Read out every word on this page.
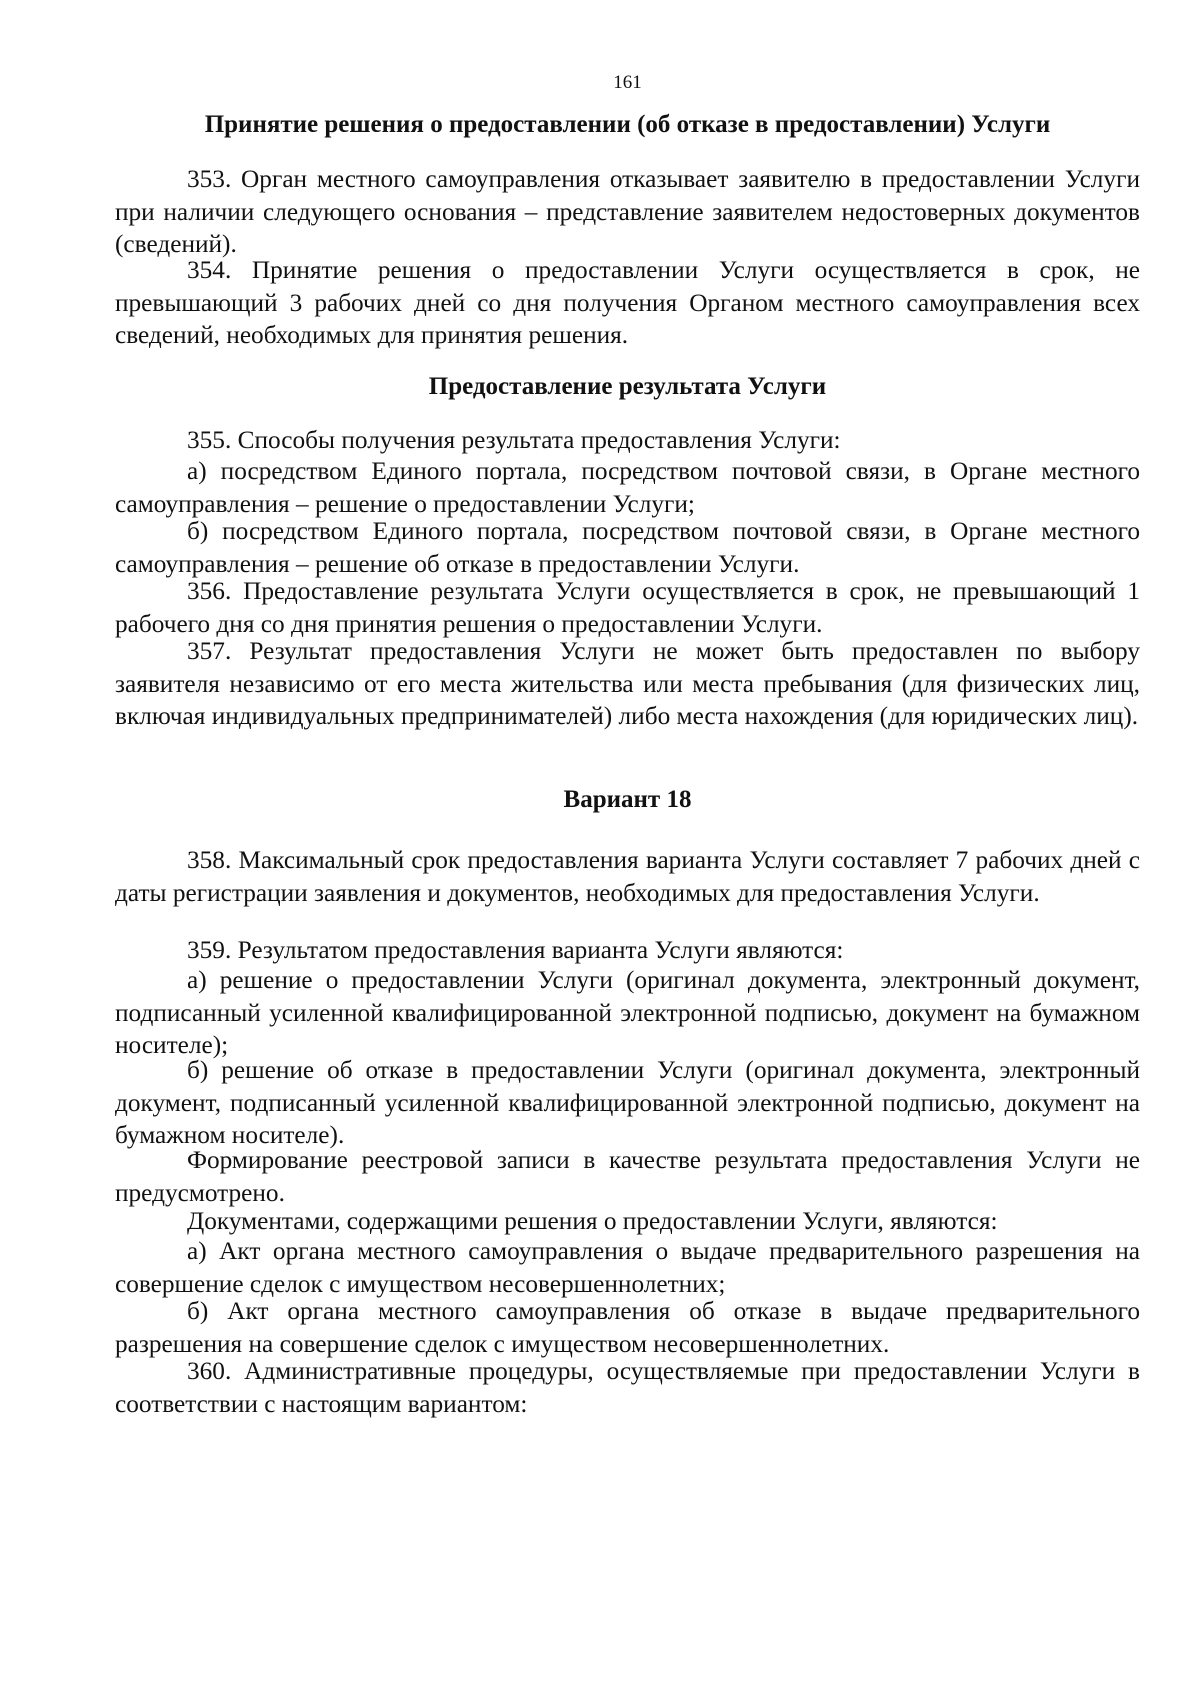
161
Принятие решения о предоставлении (об отказе в предоставлении) Услуги

353. Орган местного самоуправления отказывает заявителю в предоставлении Услуги при наличии следующего основания – представление заявителем недостоверных документов (сведений).

354. Принятие решения о предоставлении Услуги осуществляется в срок, не превышающий 3 рабочих дней со дня получения Органом местного самоуправления всех сведений, необходимых для принятия решения.

Предоставление результата Услуги

355. Способы получения результата предоставления Услуги:

а) посредством Единого портала, посредством почтовой связи, в Органе местного самоуправления – решение о предоставлении Услуги;

б) посредством Единого портала, посредством почтовой связи, в Органе местного самоуправления – решение об отказе в предоставлении Услуги.

356. Предоставление результата Услуги осуществляется в срок, не превышающий 1 рабочего дня со дня принятия решения о предоставлении Услуги.

357. Результат предоставления Услуги не может быть предоставлен по выбору заявителя независимо от его места жительства или места пребывания (для физических лиц, включая индивидуальных предпринимателей) либо места нахождения (для юридических лиц).

Вариант 18

358. Максимальный срок предоставления варианта Услуги составляет 7 рабочих дней с даты регистрации заявления и документов, необходимых для предоставления Услуги.

359. Результатом предоставления варианта Услуги являются:

а) решение о предоставлении Услуги (оригинал документа, электронный документ, подписанный усиленной квалифицированной электронной подписью, документ на бумажном носителе);

б) решение об отказе в предоставлении Услуги (оригинал документа, электронный документ, подписанный усиленной квалифицированной электронной подписью, документ на бумажном носителе).

Формирование реестровой записи в качестве результата предоставления Услуги не предусмотрено.

Документами, содержащими решения о предоставлении Услуги, являются:

а) Акт органа местного самоуправления о выдаче предварительного разрешения на совершение сделок с имуществом несовершеннолетних;

б) Акт органа местного самоуправления об отказе в выдаче предварительного разрешения на совершение сделок с имуществом несовершеннолетних.

360. Административные процедуры, осуществляемые при предоставлении Услуги в соответствии с настоящим вариантом:
